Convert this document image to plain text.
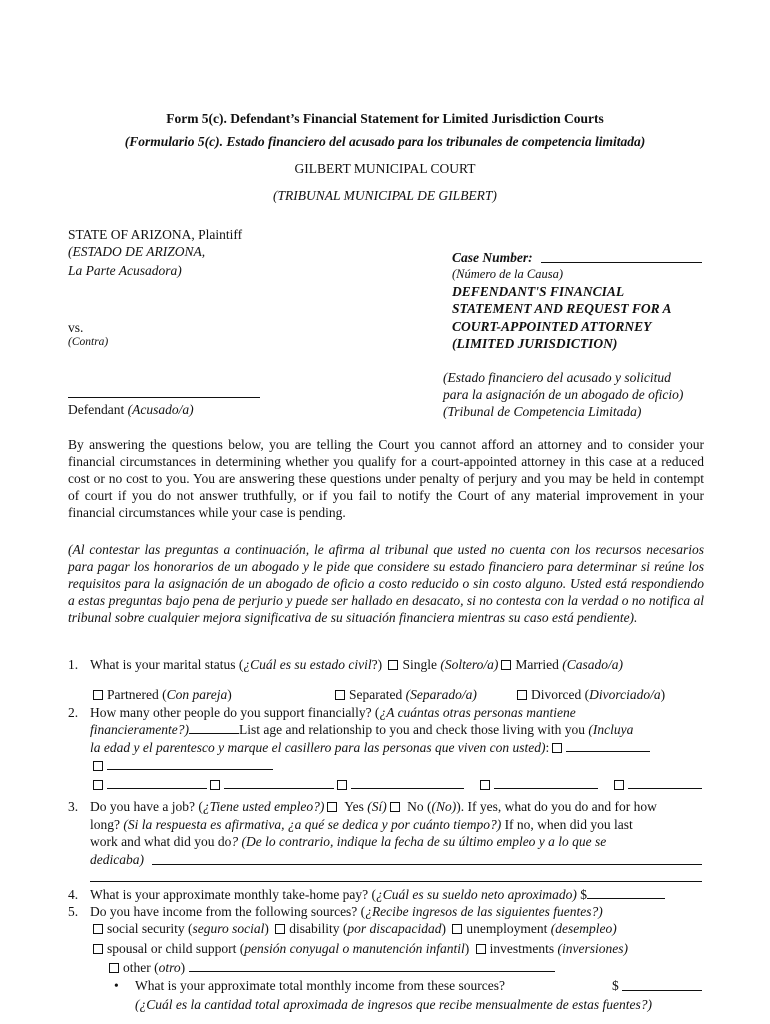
Form 5(c). Defendant’s Financial Statement for Limited Jurisdiction Courts
(Formulario 5(c). Estado financiero del acusado para los tribunales de competencia limitada)
GILBERT MUNICIPAL COURT
(TRIBUNAL MUNICIPAL DE GILBERT)
STATE OF ARIZONA, Plaintiff
(ESTADO DE ARIZONA,
La Parte Acusadora)
vs.
(Contra)
Defendant (Acusado/a)
Case Number:
(Número de la Causa)
DEFENDANT'S FINANCIAL
STATEMENT AND REQUEST FOR A
COURT-APPOINTED ATTORNEY
(LIMITED JURISDICTION)
(Estado financiero del acusado y solicitud
para la asignación de un abogado de oficio)
(Tribunal de Competencia Limitada)
By answering the questions below, you are telling the Court you cannot afford an attorney and to consider your financial circumstances in determining whether you qualify for a court-appointed attorney in this case at a reduced cost or no cost to you. You are answering these questions under penalty of perjury and you may be held in contempt of court if you do not answer truthfully, or if you fail to notify the Court of any material improvement in your financial circumstances while your case is pending.
(Al contestar las preguntas a continuación, le afirma al tribunal que usted no cuenta con los recursos necesarios para pagar los honorarios de un abogado y le pide que considere su estado financiero para determinar si reúne los requisitos para la asignación de un abogado de oficio a costo reducido o sin costo alguno. Usted está respondiendo a estas preguntas bajo pena de perjurio y puede ser hallado en desacato, si no contesta con la verdad o no notifica al tribunal sobre cualquier mejora significativa de su situación financiera mientras su caso está pendiente).
1. What is your marital status (¿Cuál es su estado civil?) Single (Soltero/a) Married (Casado/a)
Partnered (Con pareja)	Separated (Separado/a)	Divorced (Divorciado/a)
2. How many other people do you support financially? (¿A cuántas otras personas mantiene
financieramente?)	List age and relationship to you and check those living with you (Incluya
la edad y el parentesco y marque el casillero para las personas que viven con usted):
3. Do you have a job? (¿Tiene usted empleo?) Yes (Sí) No ((No)). If yes, what do you do and for how
long? (Si la respuesta es afirmativa, ¿a qué se dedica y por cuánto tiempo?) If no, when did you last
work and what did you do? (De lo contrario, indique la fecha de su último empleo y a lo que se
dedicaba)
4. What is your approximate monthly take-home pay? (¿Cuál es su sueldo neto aproximado) $
5. Do you have income from the following sources? (¿Recibe ingresos de las siguientes fuentes?)
social security (seguro social) disability (por discapacidad) unemployment (desempleo)
spousal or child support (pensión conyugal o manutención infantil) investments (inversiones)
other (otro)
• What is your approximate total monthly income from these sources?	$
(¿Cuál es la cantidad total aproximada de ingresos que recibe mensualmente de estas fuentes?)
